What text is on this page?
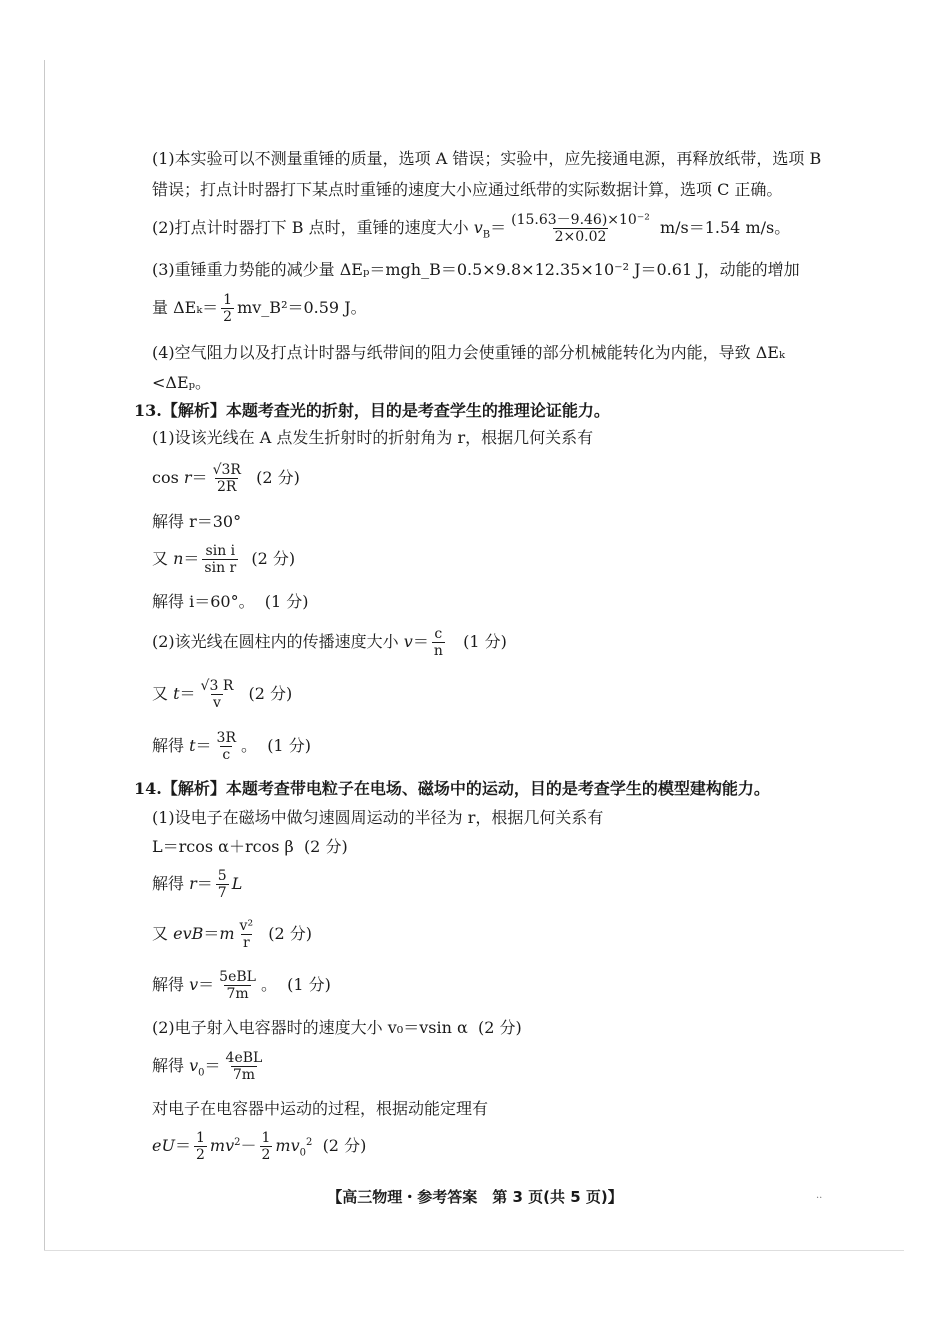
(1)本实验可以不测量重锤的质量，选项 A 错误；实验中，应先接通电源，再释放纸带，选项 B
错误；打点计时器打下某点时重锤的速度大小应通过纸带的实际数据计算，选项 C 正确。
(2)打点计时器打下 B 点时，重锤的速度大小 $v_B= \frac{\text{(15.63－9.46)×10⁻²}}{2\times 0.02} m/s=1.54$ m/s。
(3)重锤重力势能的减少量 ΔEₚ＝mgh_B＝0.5×9.8×12.35×10⁻² J＝0.61 J，动能的增加
量 $\Delta E_k= \frac{1}{2}$ mv_B²＝0.59 J。
(4)空气阻力以及打点计时器与纸带间的阻力会使重锤的部分机械能转化为内能，导致 ΔEₖ
<ΔEₚ。
13.【解析】本题考查光的折射，目的是考查学生的推理论证能力。
(1)设该光线在 A 点发生折射时的折射角为 r，根据几何关系有
$\cos r= \frac{√3R}{2R} (2$ 分)
解得 r＝30°
又 $n= \frac{\text{sin i}}{\text{sin r}} (2$ 分)
解得 i＝60°。 (1 分)
(2)该光线在圆柱内的传播速度大小 $v= \frac{c}{n} (1$ 分)
又 $t= \frac{√3 R}{v} (2$ 分)
解得 $t= \frac{3R}{c}$ 。  (1 分)
14.【解析】本题考查带电粒子在电场、磁场中的运动，目的是考查学生的模型建构能力。
(1)设电子在磁场中做匀速圆周运动的半径为 r，根据几何关系有
L＝rcos α＋rcos β (2 分)
解得 $r= \frac{5}{7}$ L
又 $evB=m \frac{\text{v²}}{r} (2$ 分)
解得 $v= \frac{\text{5eBL}}{7m}$ 。  (1 分)
(2)电子射入电容器时的速度大小 v₀＝vsin α (2 分)
解得 $v_0= \frac{\text{4eBL}}{7m}$
对电子在电容器中运动的过程，根据动能定理有
$eU= \frac{1}{2} mv^2- \frac{1}{2} mv_0^2$ (2 分)
【高三物理・参考答案　第 3 页(共 5 页)】	..
